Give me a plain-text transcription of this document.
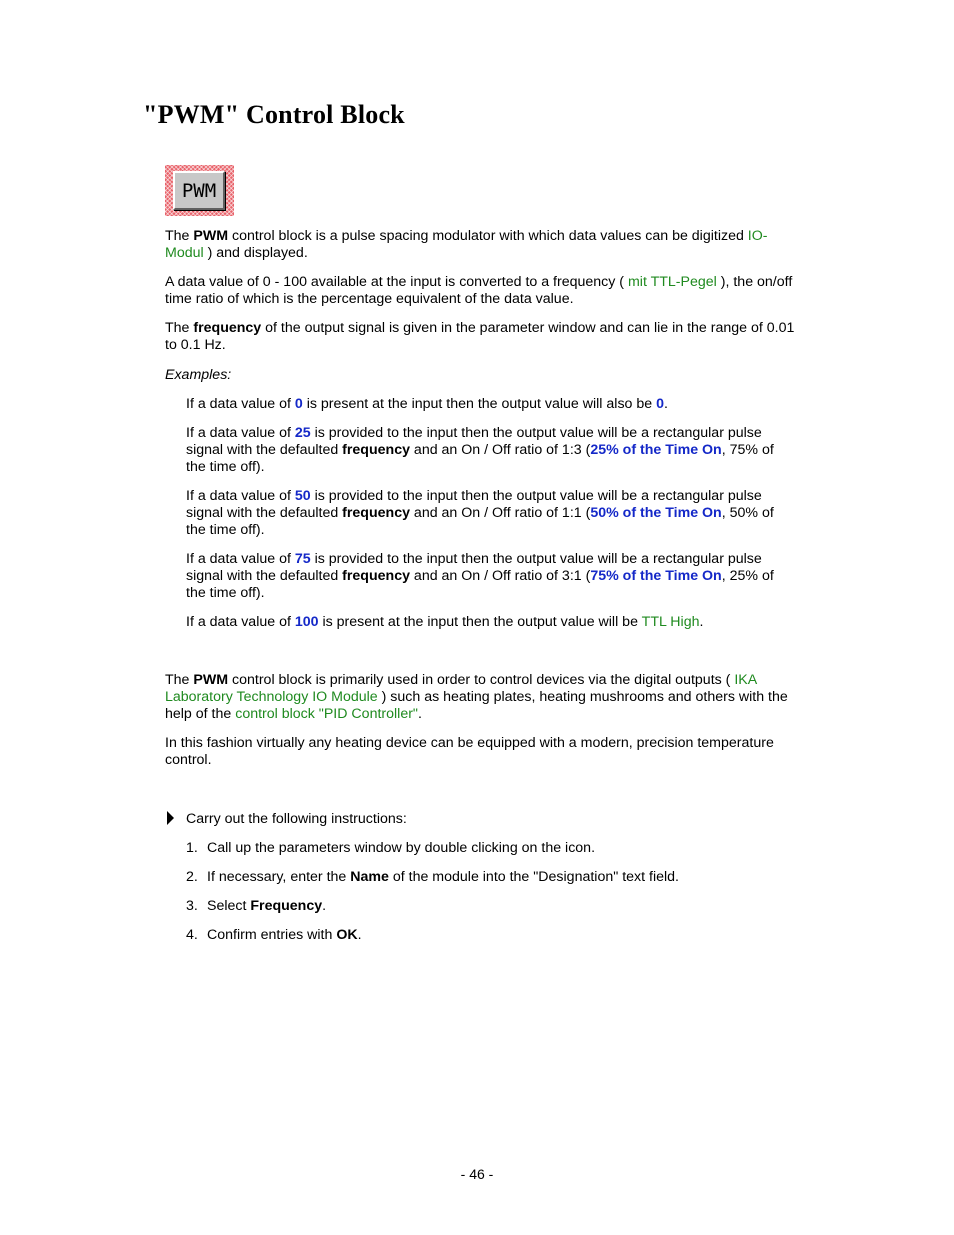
"PWM" Control Block
PWM

The PWM control block is a pulse spacing modulator with which data values can be digitized IO-Modul ) and displayed.

A data value of 0 - 100 available at the input is converted to a frequency ( mit TTL-Pegel ), the on/off time ratio of which is the percentage equivalent of the data value.

The frequency of the output signal is given in the parameter window and can lie in the range of 0.01 to 0.1 Hz.

Examples:

If a data value of 0 is present at the input then the output value will also be 0.

If a data value of 25 is provided to the input then the output value will be a rectangular pulse signal with the defaulted frequency and an On / Off ratio of 1:3 (25% of the Time On, 75% of the time off).

If a data value of 50 is provided to the input then the output value will be a rectangular pulse signal with the defaulted frequency and an On / Off ratio of 1:1 (50% of the Time On, 50% of the time off).

If a data value of 75 is provided to the input then the output value will be a rectangular pulse signal with the defaulted frequency and an On / Off ratio of 3:1 (75% of the Time On, 25% of the time off).

If a data value of 100 is present at the input then the output value will be TTL High.

The PWM control block is primarily used in order to control devices via the digital outputs ( IKA Laboratory Technology IO Module ) such as heating plates, heating mushrooms and others with the help of the control block "PID Controller".

In this fashion virtually any heating device can be equipped with a modern, precision temperature control.

Carry out the following instructions:

1. Call up the parameters window by double clicking on the icon.

2. If necessary, enter the Name of the module into the "Designation" text field.

3. Select Frequency.

4. Confirm entries with OK.

- 46 -
